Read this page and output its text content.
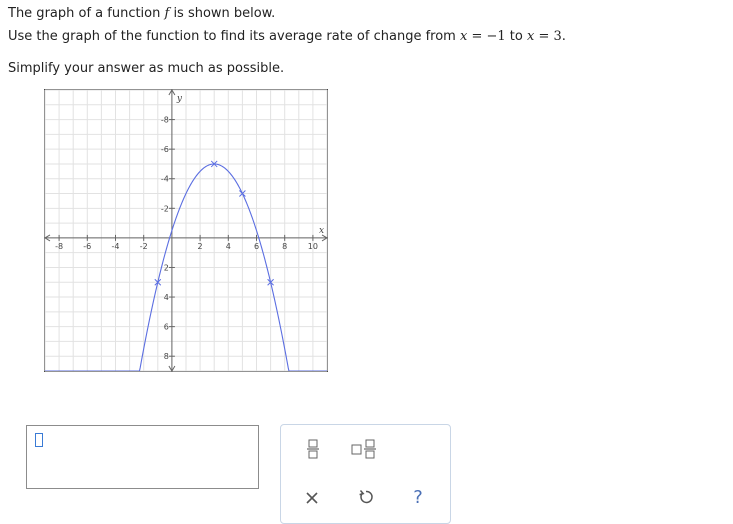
The graph of a function f is shown below.
Use the graph of the function to find its average rate of change from x = −1 to x = 3.
Simplify your answer as much as possible.
-8	-6	-4	-2	2	4	6	8	10
8
6
4
2
-2
-4
-6
-8
x
y
?
